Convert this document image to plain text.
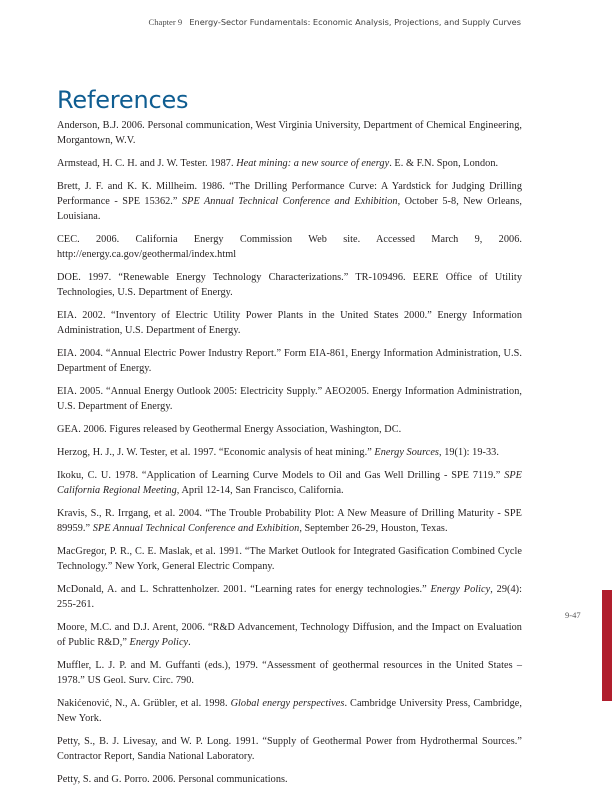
Chapter 9 Energy-Sector Fundamentals: Economic Analysis, Projections, and Supply Curves
References
Anderson, B.J. 2006. Personal communication, West Virginia University, Department of Chemical Engineering, Morgantown, W.V.
Armstead, H. C. H. and J. W. Tester. 1987. Heat mining: a new source of energy. E. & F.N. Spon, London.
Brett, J. F. and K. K. Millheim. 1986. “The Drilling Performance Curve: A Yardstick for Judging Drilling Performance - SPE 15362.” SPE Annual Technical Conference and Exhibition, October 5-8, New Orleans, Louisiana.
CEC. 2006. California Energy Commission Web site. Accessed March 9, 2006. http://energy.ca.gov/geothermal/index.html
DOE. 1997. “Renewable Energy Technology Characterizations.” TR-109496. EERE Office of Utility Technologies, U.S. Department of Energy.
EIA. 2002. “Inventory of Electric Utility Power Plants in the United States 2000.” Energy Information Administration, U.S. Department of Energy.
EIA. 2004. “Annual Electric Power Industry Report.” Form EIA-861, Energy Information Administration, U.S. Department of Energy.
EIA. 2005. “Annual Energy Outlook 2005: Electricity Supply.” AEO2005. Energy Information Administration, U.S. Department of Energy.
GEA. 2006. Figures released by Geothermal Energy Association, Washington, DC.
Herzog, H. J., J. W. Tester, et al. 1997. “Economic analysis of heat mining.” Energy Sources, 19(1): 19-33.
Ikoku, C. U. 1978. “Application of Learning Curve Models to Oil and Gas Well Drilling - SPE 7119.” SPE California Regional Meeting, April 12-14, San Francisco, California.
Kravis, S., R. Irrgang, et al. 2004. “The Trouble Probability Plot: A New Measure of Drilling Maturity - SPE 89959.” SPE Annual Technical Conference and Exhibition, September 26-29, Houston, Texas.
MacGregor, P. R., C. E. Maslak, et al. 1991. “The Market Outlook for Integrated Gasification Combined Cycle Technology.” New York, General Electric Company.
McDonald, A. and L. Schrattenholzer. 2001. “Learning rates for energy technologies.” Energy Policy, 29(4): 255-261.
Moore, M.C. and D.J. Arent, 2006. “R&D Advancement, Technology Diffusion, and the Impact on Evaluation of Public R&D,” Energy Policy.
Muffler, L. J. P. and M. Guffanti (eds.), 1979. “Assessment of geothermal resources in the United States – 1978.” US Geol. Surv. Circ. 790.
Nakićenović, N., A. Grübler, et al. 1998. Global energy perspectives. Cambridge University Press, Cambridge, New York.
Petty, S., B. J. Livesay, and W. P. Long. 1991. “Supply of Geothermal Power from Hydrothermal Sources.” Contractor Report, Sandia National Laboratory.
Petty, S. and G. Porro. 2006. Personal communications.
9-47
